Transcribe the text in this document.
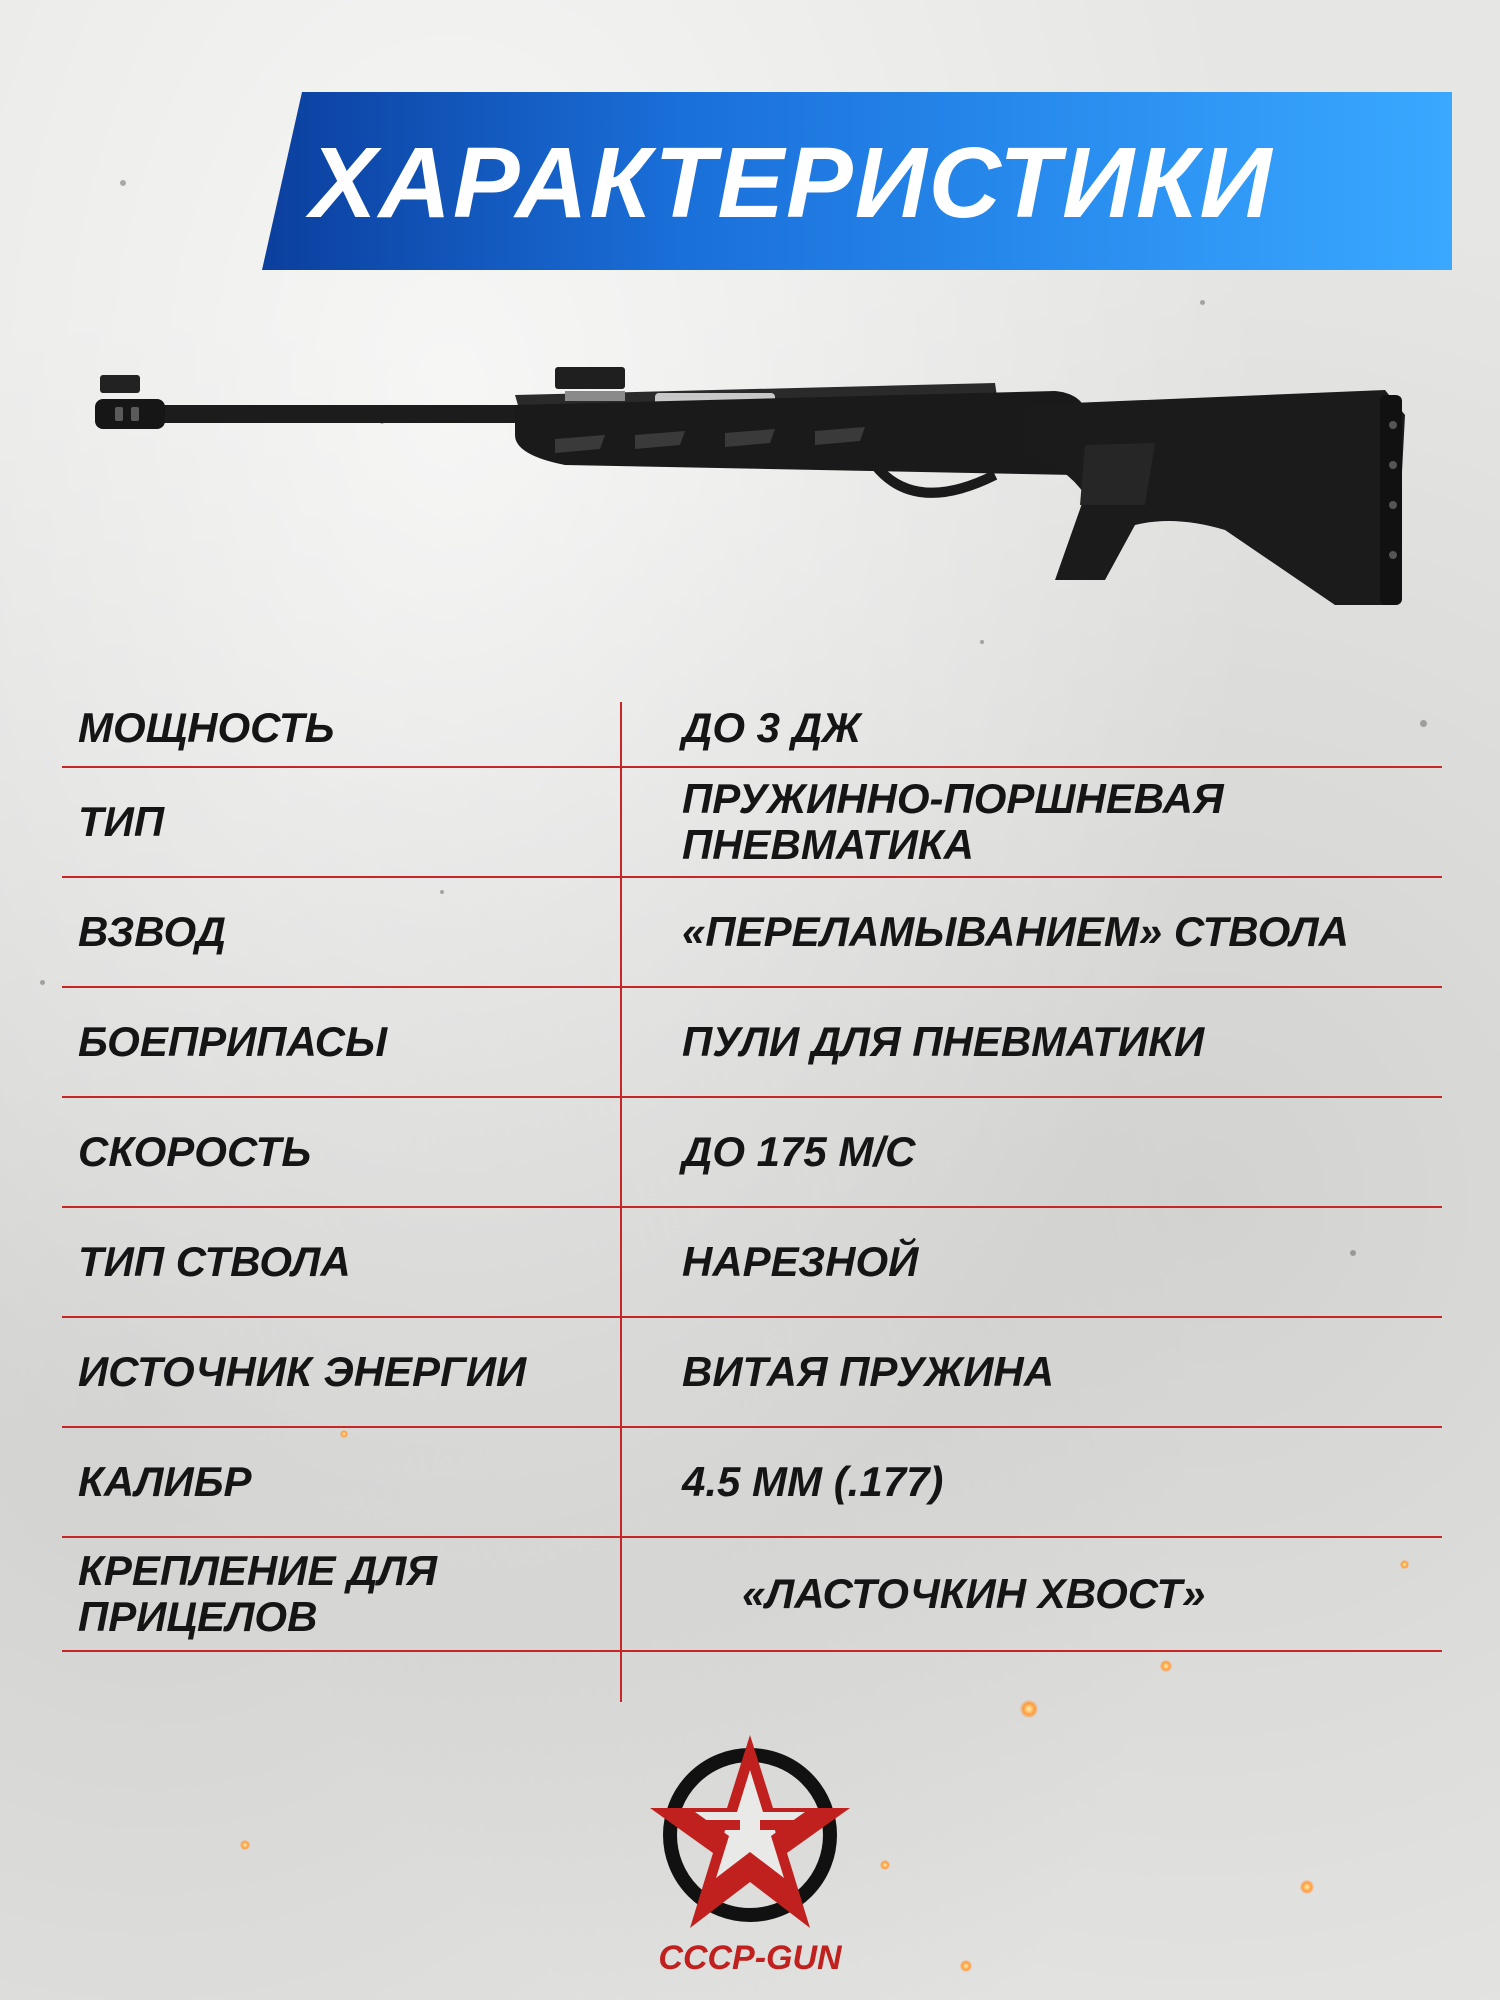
ХАРАКТЕРИСТИКИ
МОЩНОСТЬ	ДО 3 ДЖ
ТИП	ПРУЖИННО-ПОРШНЕВАЯ ПНЕВМАТИКА
ВЗВОД	«ПЕРЕЛАМЫВАНИЕМ» СТВОЛА
БОЕПРИПАСЫ	ПУЛИ ДЛЯ ПНЕВМАТИКИ
СКОРОСТЬ	ДО 175 М/С
ТИП СТВОЛА	НАРЕЗНОЙ
ИСТОЧНИК ЭНЕРГИИ	ВИТАЯ ПРУЖИНА
КАЛИБР	4.5 ММ (.177)
КРЕПЛЕНИЕ ДЛЯ ПРИЦЕЛОВ	«ЛАСТОЧКИН ХВОСТ»
СССР-GUN
